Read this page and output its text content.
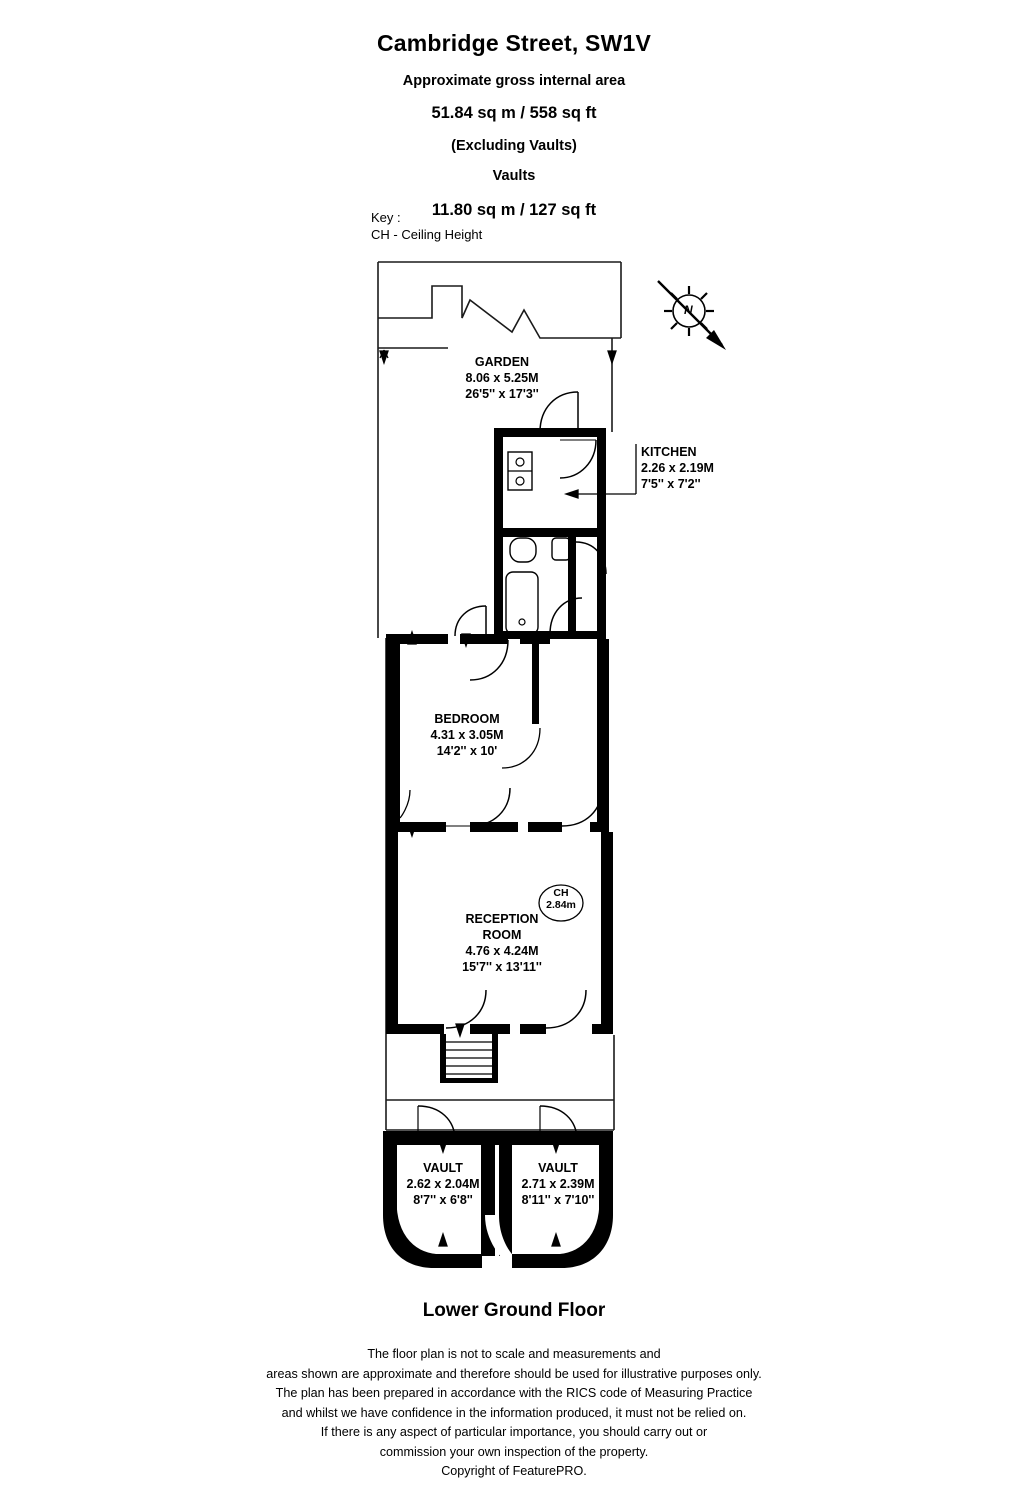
Cambridge Street, SW1V
Approximate gross internal area
51.84 sq m / 558 sq ft
(Excluding Vaults)
Vaults
11.80 sq m / 127 sq ft
Key :
CH - Ceiling Height
GARDEN
8.06 x 5.25M
26'5'' x 17'3''
KITCHEN
2.26 x 2.19M
7'5'' x 7'2''
BEDROOM
4.31 x 3.05M
14'2'' x 10'
RECEPTION
ROOM
4.76 x 4.24M
15'7'' x 13'11''
CH
2.84m
VAULT
2.62 x 2.04M
8'7'' x 6'8''
VAULT
2.71 x 2.39M
8'11'' x 7'10''
N
Lower Ground Floor
The floor plan is not to scale and measurements and
areas shown are approximate and therefore should be used for illustrative purposes only.
The plan has been prepared in accordance with the RICS code of Measuring Practice
and whilst we have confidence in the information produced, it must not be relied on.
If there is any aspect of particular importance, you should carry out or
commission your own inspection of the property.
Copyright of FeaturePRO.
